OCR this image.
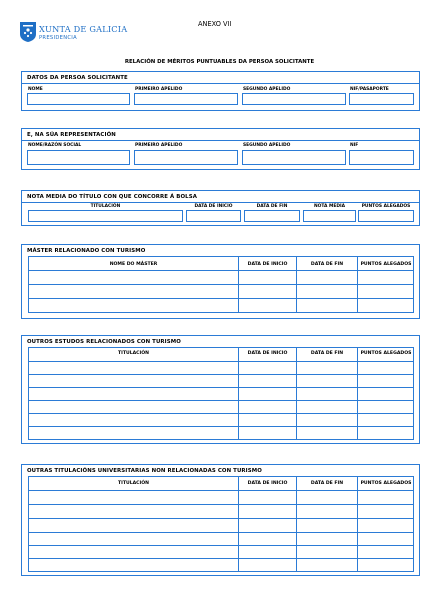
XUNTA DE GALICIA
PRESIDENCIA
ANEXO VII
RELACIÓN DE MÉRITOS PUNTUABLES DA PERSOA SOLICITANTE
DATOS DA PERSOA SOLICITANTE
NOME	PRIMEIRO APELIDO	SEGUNDO APELIDO	NIF/PASAPORTE
E, NA SÚA REPRESENTACIÓN
NOME/RAZÓN SOCIAL	PRIMEIRO APELIDO	SEGUNDO APELIDO	NIF
NOTA MEDIA DO TÍTULO CON QUE CONCORRE Á BOLSA
TITULACIÓN	DATA DE INICIO	DATA DE FIN	NOTA MEDIA	PUNTOS ALEGADOS
MÁSTER RELACIONADO CON TURISMO
NOME DO MÁSTER	DATA DE INICIO	DATA DE FIN	PUNTOS ALEGADOS
OUTROS ESTUDOS RELACIONADOS CON TURISMO
TITULACIÓN	DATA DE INICIO	DATA DE FIN	PUNTOS ALEGADOS
OUTRAS TITULACIÓNS UNIVERSITARIAS NON RELACIONADAS CON TURISMO
TITULACIÓN	DATA DE INICIO	DATA DE FIN	PUNTOS ALEGADOS
